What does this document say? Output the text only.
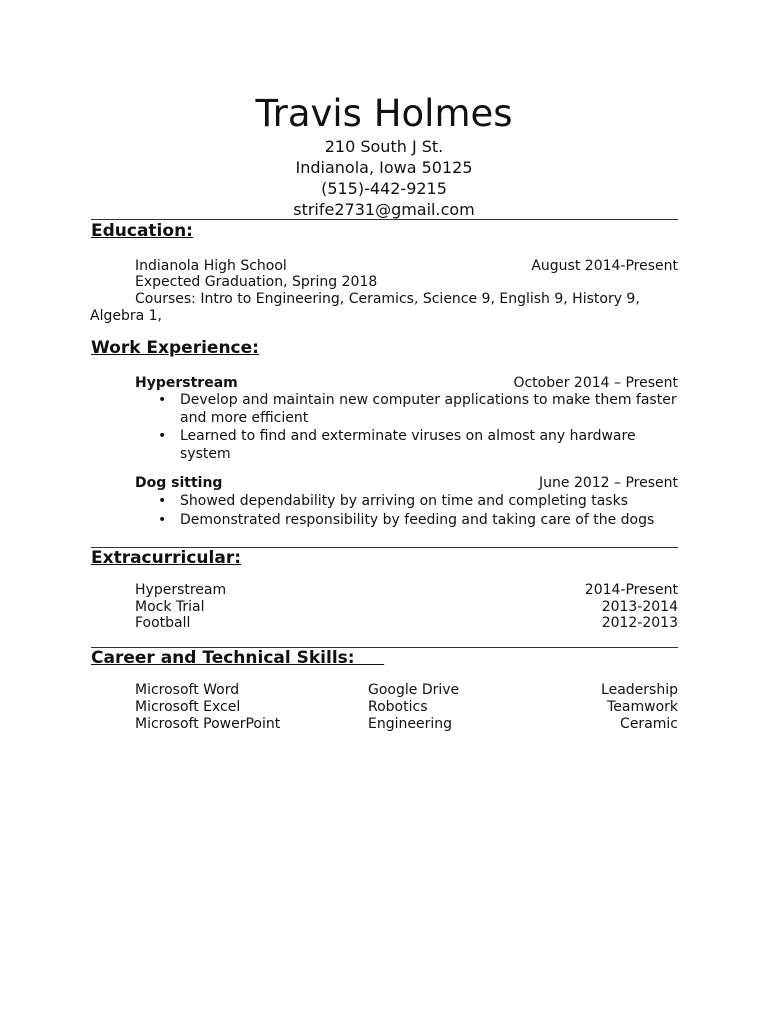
Travis Holmes
210 South J St.
Indianola, Iowa 50125
(515)-442-9215
strife2731@gmail.com
Education:
Indianola High School	August 2014-Present
Expected Graduation, Spring 2018
Courses: Intro to Engineering, Ceramics, Science 9, English 9, History 9,
Algebra 1,
Work Experience:
Hyperstream	October 2014 – Present
• Develop and maintain new computer applications to make them faster and more efficient
• Learned to find and exterminate viruses on almost any hardware system
Dog sitting	June 2012 – Present
• Showed dependability by arriving on time and completing tasks
• Demonstrated responsibility by feeding and taking care of the dogs
Extracurricular:
Hyperstream	2014-Present
Mock Trial	2013-2014
Football	2012-2013
Career and Technical Skills:
Microsoft Word	Google Drive	Leadership
Microsoft Excel	Robotics	Teamwork
Microsoft PowerPoint	Engineering	Ceramic
